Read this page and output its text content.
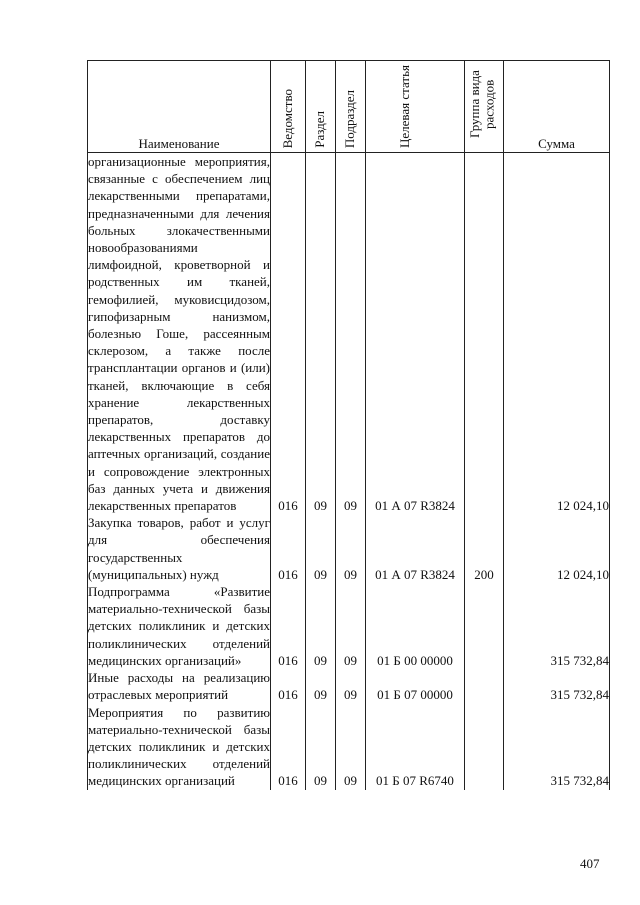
Наименование	Ведомство	Раздел	Подраздел	Целевая статья	Группа вида расходов	Сумма
организационные мероприятия, связанные с обеспечением лиц лекарственными препаратами, предназначенными для лечения больных злокачественными новообразованиями лимфоидной, кроветворной и родственных им тканей, гемофилией, муковисцидозом, гипофизарным нанизмом, болезнью Гоше, рассеянным склерозом, а также после трансплантации органов и (или) тканей, включающие в себя хранение лекарственных препаратов, доставку лекарственных препаратов до аптечных организаций, создание и сопровождение электронных баз данных учета и движения лекарственных препаратов	016	09	09	01 А 07 R3824		12 024,10
Закупка товаров, работ и услуг для обеспечения государственных (муниципальных) нужд	016	09	09	01 А 07 R3824	200	12 024,10
Подпрограмма «Развитие материально-технической базы детских поликлиник и детских поликлинических отделений медицинских организаций»	016	09	09	01 Б 00 00000		315 732,84
Иные расходы на реализацию отраслевых мероприятий	016	09	09	01 Б 07 00000		315 732,84
Мероприятия по развитию материально-технической базы детских поликлиник и детских поликлинических отделений медицинских организаций	016	09	09	01 Б 07 R6740		315 732,84
407
